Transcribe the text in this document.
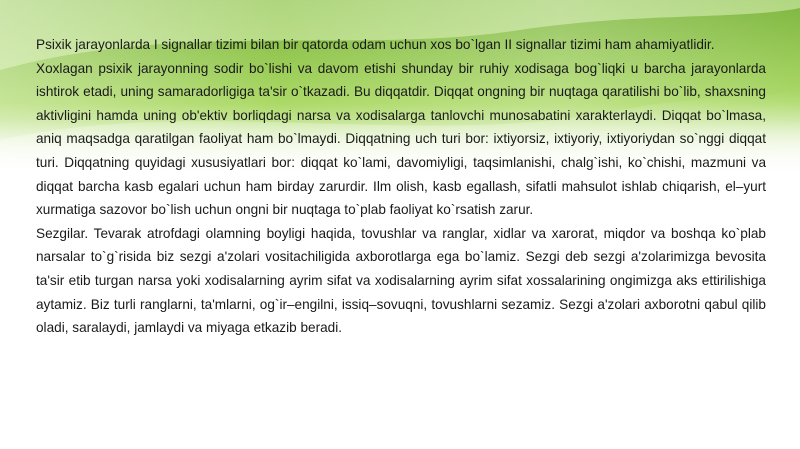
Psixik jarayonlarda I signallar tizimi bilan bir qatorda odam uchun xos bo`lgan II signallar tizimi ham ahamiyatlidir.

Xoxlagan psixik jarayonning sodir bo`lishi va davom etishi shunday bir ruhiy xodisaga bog`liqki u barcha jarayonlarda ishtirok etadi, uning samaradorligiga ta'sir o`tkazadi. Bu diqqatdir. Diqqat ongning bir nuqtaga qaratilishi bo`lib, shaxsning aktivligini hamda uning ob'ektiv borliqdagi narsa va xodisalarga tanlovchi munosabatini xarakterlaydi. Diqqat bo`lmasa, aniq maqsadga qaratilgan faoliyat ham bo`lmaydi. Diqqatning uch turi bor: ixtiyorsiz, ixtiyoriy, ixtiyoriydan so`nggi diqqat turi. Diqqatning quyidagi xususiyatlari bor: diqqat ko`lami, davomiyligi, taqsimlanishi, chalg`ishi, ko`chishi, mazmuni va diqqat barcha kasb egalari uchun ham birday zarurdir. Ilm olish, kasb egallash, sifatli mahsulot ishlab chiqarish, el–yurt xurmatiga sazovor bo`lish uchun ongni bir nuqtaga to`plab faoliyat ko`rsatish zarur.

Sezgilar. Tevarak atrofdagi olamning boyligi haqida, tovushlar va ranglar, xidlar va xarorat, miqdor va boshqa ko`plab narsalar to`g`risida biz sezgi a'zolari vositachiligida axborotlarga ega bo`lamiz. Sezgi deb sezgi a'zolarimizga bevosita ta'sir etib turgan narsa yoki xodisalarning ayrim sifat va xodisalarning ayrim sifat xossalarining ongimizga aks ettirilishiga aytamiz. Biz turli ranglarni, ta'mlarni, og`ir–engilni, issiq–sovuqni, tovushlarni sezamiz. Sezgi a'zolari axborotni qabul qilib oladi, saralaydi, jamlaydi va miyaga etkazib beradi.
